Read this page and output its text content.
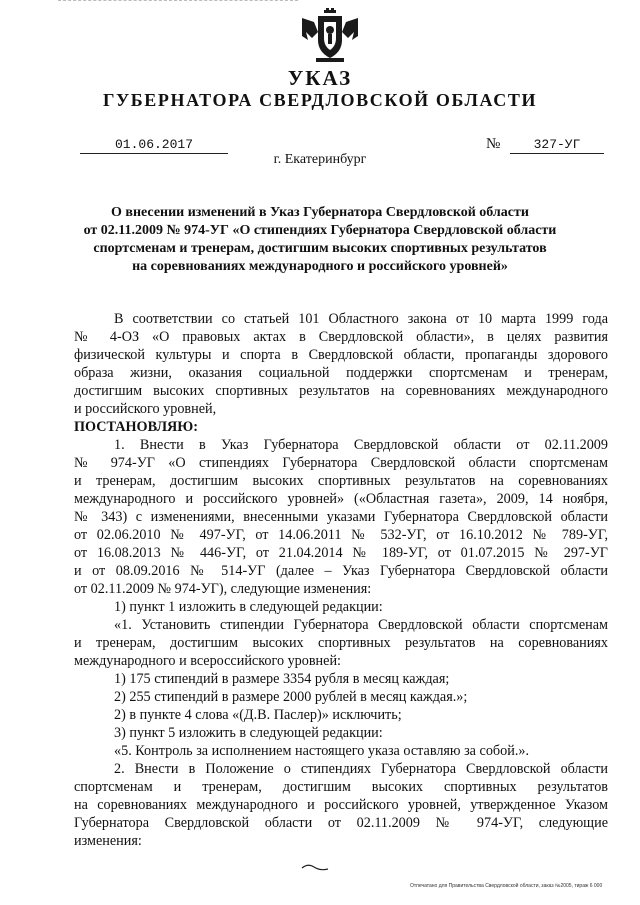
УКАЗ
ГУБЕРНАТОРА СВЕРДЛОВСКОЙ ОБЛАСТИ
01.06.2017	№	327-УГ
г. Екатеринбург
О внесении изменений в Указ Губернатора Свердловской области
от 02.11.2009 № 974-УГ «О стипендиях Губернатора Свердловской области
спортсменам и тренерам, достигшим высоких спортивных результатов
на соревнованиях международного и российского уровней»

В соответствии со статьей 101 Областного закона от 10 марта 1999 года

№ 4-ОЗ «О правовых актах в Свердловской области», в целях развития

физической культуры и спорта в Свердловской области, пропаганды здорового

образа жизни, оказания социальной поддержки спортсменам и тренерам,

достигшим высоких спортивных результатов на соревнованиях международного

и российского уровней,

ПОСТАНОВЛЯЮ:

1. Внести в Указ Губернатора Свердловской области от 02.11.2009

№ 974-УГ «О стипендиях Губернатора Свердловской области спортсменам

и тренерам, достигшим высоких спортивных результатов на соревнованиях

международного и российского уровней» («Областная газета», 2009, 14 ноября,

№ 343) с изменениями, внесенными указами Губернатора Свердловской области

от 02.06.2010 № 497-УГ, от 14.06.2011 № 532-УГ, от 16.10.2012 № 789-УГ,

от 16.08.2013 № 446-УГ, от 21.04.2014 № 189-УГ, от 01.07.2015 № 297-УГ

и от 08.09.2016 № 514-УГ (далее – Указ Губернатора Свердловской области

от 02.11.2009 № 974-УГ), следующие изменения:

1) пункт 1 изложить в следующей редакции:

«1. Установить стипендии Губернатора Свердловской области спортсменам

и тренерам, достигшим высоких спортивных результатов на соревнованиях

международного и всероссийского уровней:

1) 175 стипендий в размере 3354 рубля в месяц каждая;

2) 255 стипендий в размере 2000 рублей в месяц каждая.»;

2) в пункте 4 слова «(Д.В. Паслер)» исключить;

3) пункт 5 изложить в следующей редакции:

«5. Контроль за исполнением настоящего указа оставляю за собой.».

2. Внести в Положение о стипендиях Губернатора Свердловской области

спортсменам и тренерам, достигшим высоких спортивных результатов

на соревнованиях международного и российского уровней, утвержденное Указом

Губернатора Свердловской области от 02.11.2009 № 974-УГ, следующие

изменения:

Отпечатано для Правительства Свердловской области, заказ №2005, тираж 6 000
